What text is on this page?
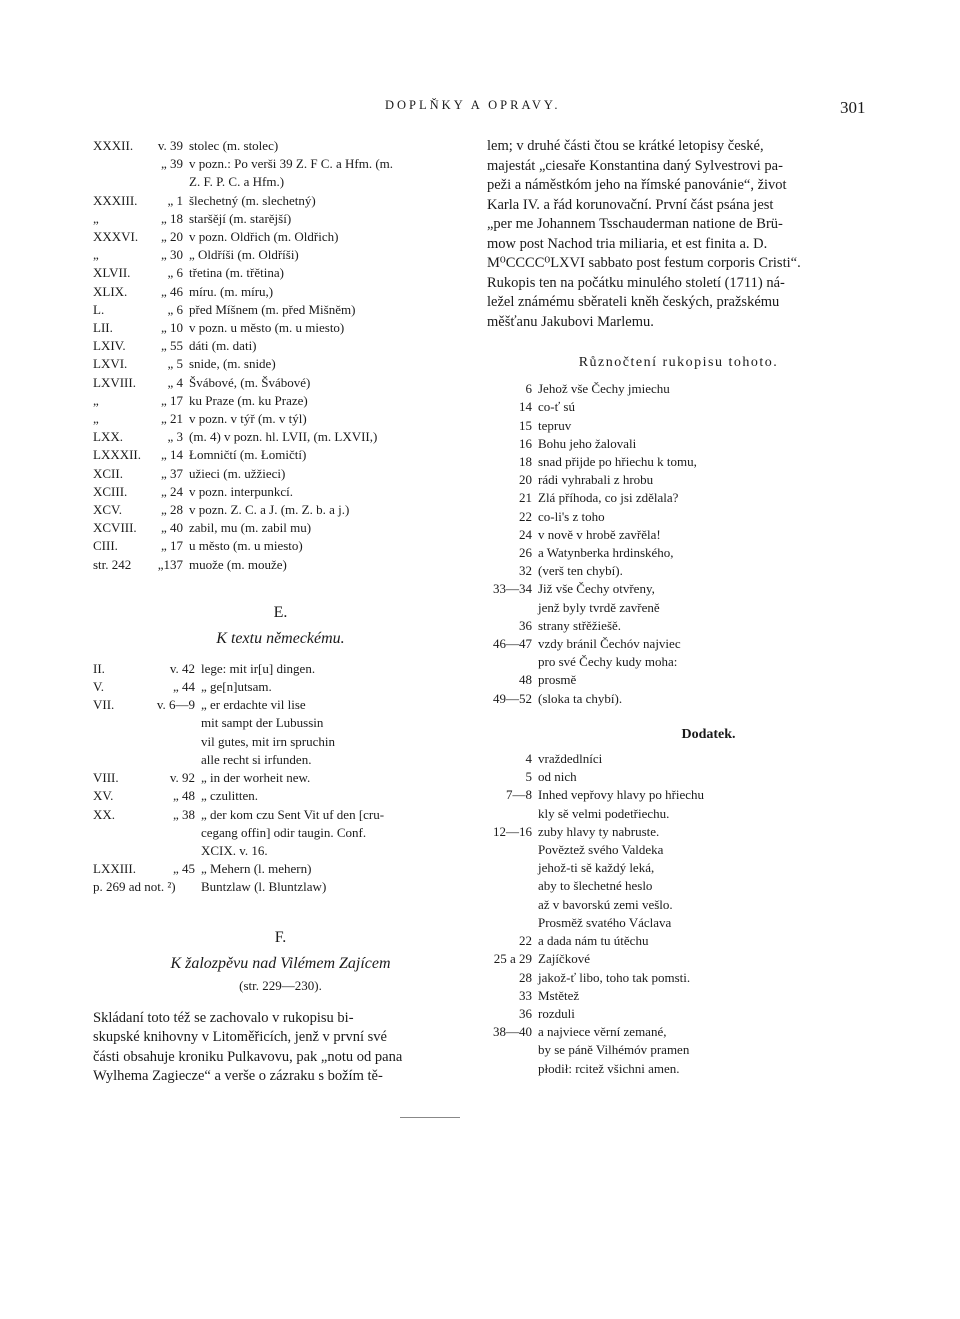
DOPLŇKY A OPRAVY.	301
XXXII.	v. 39 stolec (m. stolec)
„ 39 v pozn.: Po verši 39 Z. F C. a Hfm. (m.
Z. F. P. C. a Hfm.)
XXXIII.	„ 1 šlechetný (m. slechetný)
„	„ 18 staršějí (m. starější)
XXXVI.	„ 20 v pozn. Oldřich (m. Oldřich)
„	„ 30 „ Oldříši (m. Oldříši)
XLVII.	„ 6 třetina (m. třětina)
XLIX.	„ 46 míru. (m. míru,)
L.	„ 6 před Míšnem (m. před Mišněm)
LII.	„ 10 v pozn. u město (m. u miesto)
LXIV.	„ 55 dáti (m. dati)
LXVI.	„ 5 snide, (m. snide)
LXVIII.	„ 4 Švábové, (m. Švábové)
„	„ 17 ku Praze (m. ku Praze)
„	„ 21 v pozn. v týř (m. v týl)
LXX.	„ 3 (m. 4) v pozn. hl. LVII, (m. LXVII,)
LXXXII.	„ 14 Łomničtí (m. Łomičtí)
XCII.	„ 37 užieci (m. užžieci)
XCIII.	„ 24 v pozn. interpunkcí.
XCV.	„ 28 v pozn. Z. C. a J. (m. Z. b. a j.)
XCVIII.	„ 40 zabil, mu (m. zabil mu)
CIII.	„ 17 u město (m. u miesto)
str. 242	„137 muože (m. mouže)
E.
K textu německému.
II.	v. 42 lege: mit ir[u] dingen.
V.	„ 44 „ ge[n]utsam.
VII.	v. 6—9 „ er erdachte vil lise
mit sampt der Lubussin
vil gutes, mit irn spruchin
alle recht si irfunden.
VIII.	v. 92 „ in der worheit new.
XV.	„ 48 „ czulitten.
XX.	„ 38 „ der kom czu Sent Vit uf den [cru-
cegang offin] odir taugin. Conf.
XCIX. v. 16.
LXXIII.	„ 45 „ Mehern (l. mehern)
p. 269 ad not. ²) Buntzlaw (l. Bluntzlaw)
F.
K žalozpěvu nad Vilémem Zajícem
(str. 229—230).
Skládaní toto též se zachovalo v rukopisu bi-
skupské knihovny v Litoměřicích, jenž v první své
části obsahuje kroniku Pulkavovu, pak „notu od pana
Wylhema Zagiecze“ a verše o zázraku s božím tě-
lem; v druhé části čtou se krátké letopisy české,
majestát „ciesaře Konstantina daný Sylvestrovi pa-
peži a náměstkóm jeho na římské panovánie“, život
Karla IV. a řád korunovační. První část psána jest
„per me Johannem Tsschauderman natione de Brü-
mow post Nachod tria miliaria, et est finita a. D.
M⁰CCCC⁰LXVI sabbato post festum corporis Cristi“.
Rukopis ten na počátku minulého století (1711) ná-
ležel známému sběrateli kněh českých, pražskému
měšťanu Jakubovi Marlemu.
Různočtení rukopisu tohoto.
6 Jehož vše Čechy jmiechu
14 co-ť sú
15 tepruv
16 Bohu jeho žalovali
18 snad přijde po hřiechu k tomu,
20 rádi vyhrabali z hrobu
21 Zlá příhoda, co jsi zdělala?
22 co-li's z toho
24 v nově v hrobě zavřěla!
26 a Watynberka hrdinského,
32 (verš ten chybí).
33—34 Již vše Čechy otvřeny,
jenž byly tvrdě zavřeně
36 strany střěžiešě.
46—47 vzdy bránil Čechóv najviec
pro své Čechy kudy moha:
48 prosmě
49—52 (sloka ta chybí).
Dodatek.
4 vraždedlníci
5 od nich
7—8 Inhed vepřovy hlavy po hřiechu
kly sě velmi podetřiechu.
12—16 zuby hlavy ty nabruste.
Pověztež svého Valdeka
jehož-ti sě každý leká,
aby to šlechetné heslo
až v bavorskú zemi vešlo.
Prosměž svatého Václava
22 a dada nám tu útěchu
25 a 29 Zajíčkové
28 jakož-ť libo, toho tak pomsti.
33 Mstětež
36 rozduli
38—40 a najviece věrní zemané,
by se páně Vilhémóv pramen
płodił: rcitež všichni amen.
